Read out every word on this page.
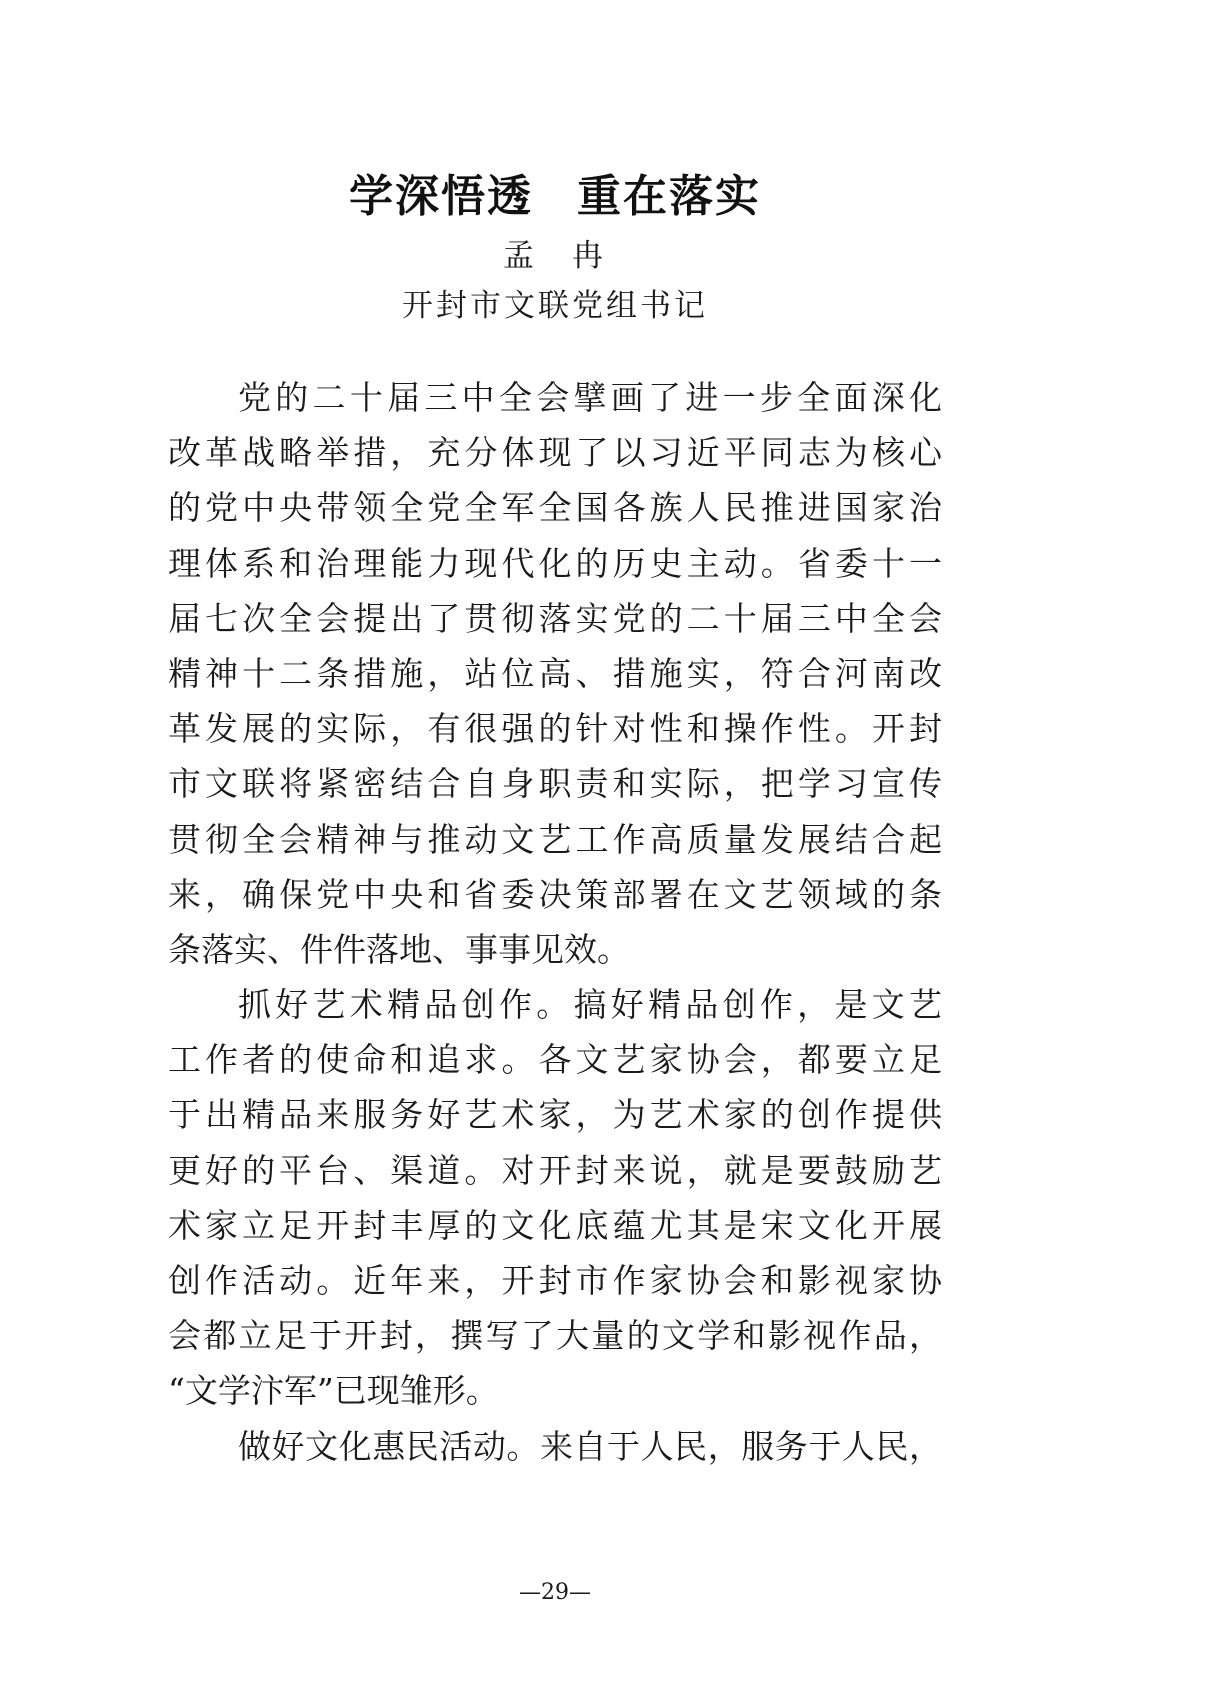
学深悟透 重在落实
孟 冉
开封市文联党组书记
党的二十届三中全会擘画了进一步全面深化
改革战略举措，充分体现了以习近平同志为核心
的党中央带领全党全军全国各族人民推进国家治
理体系和治理能力现代化的历史主动。省委十一
届七次全会提出了贯彻落实党的二十届三中全会
精神十二条措施，站位高、措施实，符合河南改
革发展的实际，有很强的针对性和操作性。开封
市文联将紧密结合自身职责和实际，把学习宣传
贯彻全会精神与推动文艺工作高质量发展结合起
来，确保党中央和省委决策部署在文艺领域的条
条落实、件件落地、事事见效。
抓好艺术精品创作。搞好精品创作，是文艺
工作者的使命和追求。各文艺家协会，都要立足
于出精品来服务好艺术家，为艺术家的创作提供
更好的平台、渠道。对开封来说，就是要鼓励艺
术家立足开封丰厚的文化底蕴尤其是宋文化开展
创作活动。近年来，开封市作家协会和影视家协
会都立足于开封，撰写了大量的文学和影视作品，
“文学汴军”已现雏形。
做好文化惠民活动。来自于人民，服务于人民，
—29—
